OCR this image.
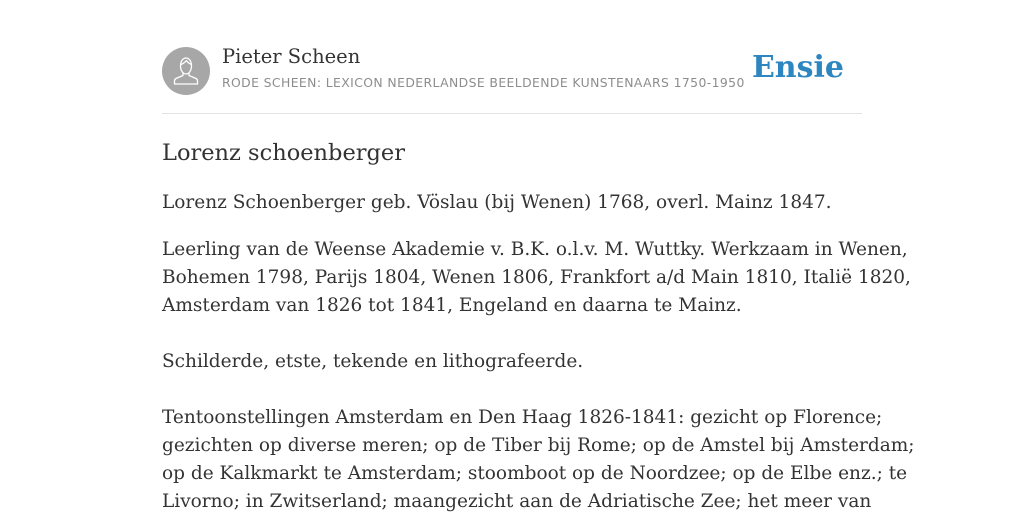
Pieter Scheen
RODE SCHEEN: LEXICON NEDERLANDSE BEELDENDE KUNSTENAARS 1750-1950 Ensie
Lorenz schoenberger

Lorenz Schoenberger geb. Vöslau (bij Wenen) 1768, overl. Mainz 1847.

Leerling van de Weense Akademie v. B.K. o.l.v. M. Wuttky. Werkzaam in Wenen,
Bohemen 1798, Parijs 1804, Wenen 1806, Frankfort a/d Main 1810, Italië 1820,
Amsterdam van 1826 tot 1841, Engeland en daarna te Mainz.
Schilderde, etste, tekende en lithografeerde.
Tentoonstellingen Amsterdam en Den Haag 1826-1841: gezicht op Florence;
gezichten op diverse meren; op de Tiber bij Rome; op de Amstel bij Amsterdam;
op de Kalkmarkt te Amsterdam; stoomboot op de Noordzee; op de Elbe enz.; te
Livorno; in Zwitserland; maangezicht aan de Adriatische Zee; het meer van
